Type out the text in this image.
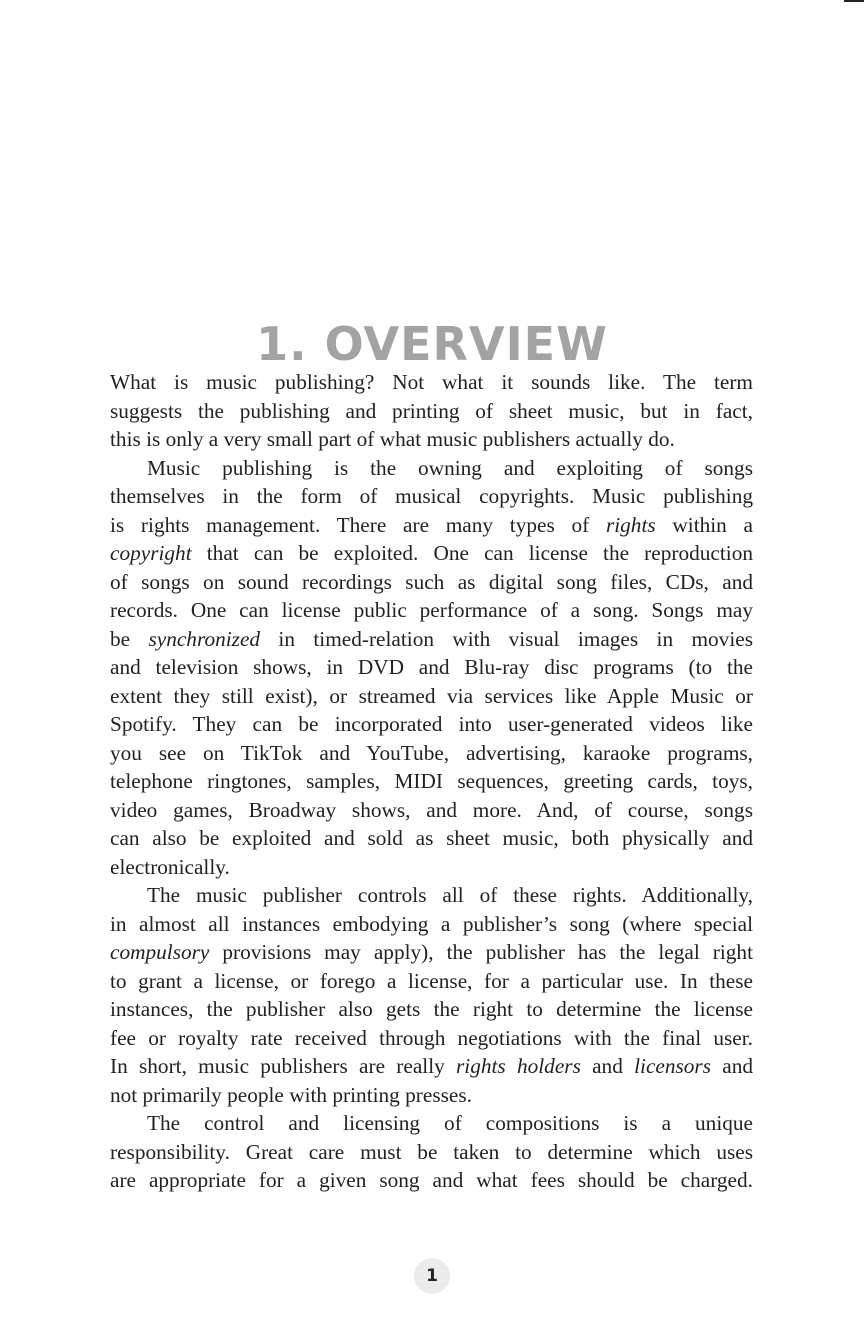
1. OVERVIEW
What is music publishing? Not what it sounds like. The term
suggests the publishing and printing of sheet music, but in fact,
this is only a very small part of what music publishers actually do.
Music publishing is the owning and exploiting of songs
themselves in the form of musical copyrights. Music publishing
is rights management. There are many types of rights within a
copyright that can be exploited. One can license the reproduction
of songs on sound recordings such as digital song files, CDs, and
records. One can license public performance of a song. Songs may
be synchronized in timed-relation with visual images in movies
and television shows, in DVD and Blu-ray disc programs (to the
extent they still exist), or streamed via services like Apple Music or
Spotify. They can be incorporated into user-generated videos like
you see on TikTok and YouTube, advertising, karaoke programs,
telephone ringtones, samples, MIDI sequences, greeting cards, toys,
video games, Broadway shows, and more. And, of course, songs
can also be exploited and sold as sheet music, both physically and
electronically.
The music publisher controls all of these rights. Additionally,
in almost all instances embodying a publisher’s song (where special
compulsory provisions may apply), the publisher has the legal right
to grant a license, or forego a license, for a particular use. In these
instances, the publisher also gets the right to determine the license
fee or royalty rate received through negotiations with the final user.
In short, music publishers are really rights holders and licensors and
not primarily people with printing presses.
The control and licensing of compositions is a unique
responsibility. Great care must be taken to determine which uses
are appropriate for a given song and what fees should be charged.
1
